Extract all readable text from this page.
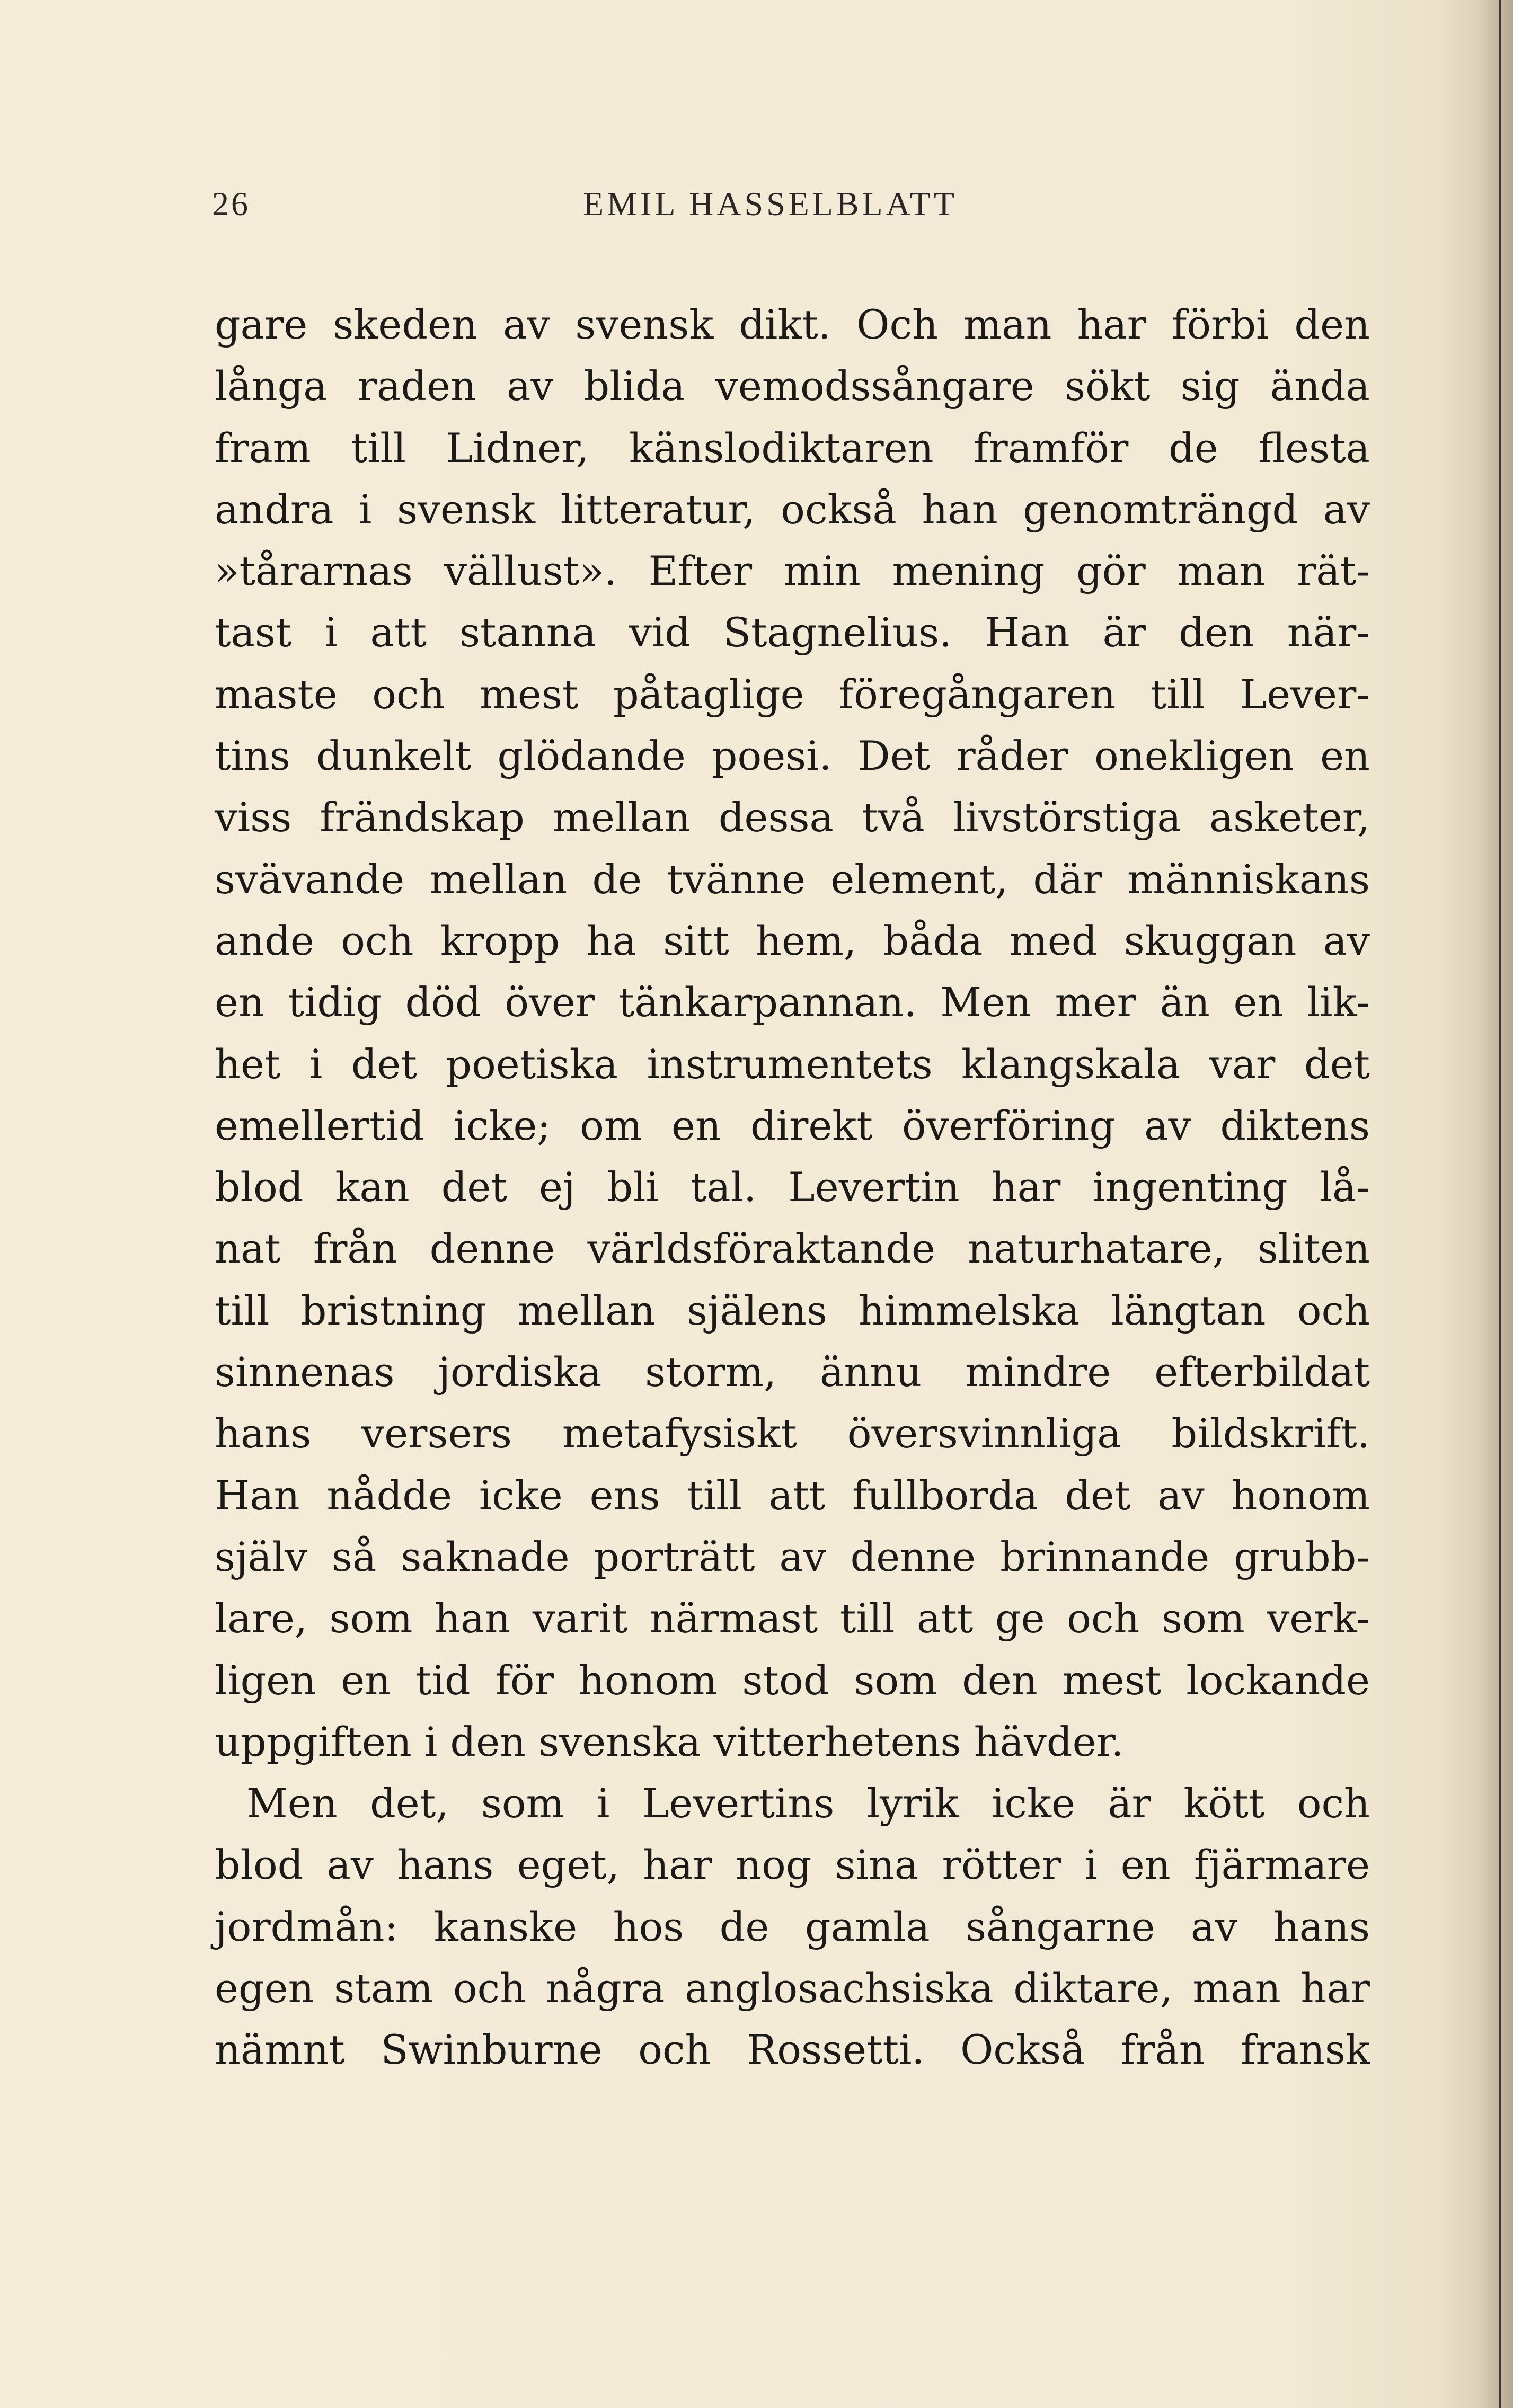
26	EMIL HASSELBLATT
gare skeden av svensk dikt. Och man har förbi den
långa raden av blida vemodssångare sökt sig ända
fram till Lidner, känslodiktaren framför de flesta
andra i svensk litteratur, också han genomträngd av
»tårarnas vällust». Efter min mening gör man rät-
tast i att stanna vid Stagnelius. Han är den när-
maste och mest påtaglige föregångaren till Lever-
tins dunkelt glödande poesi. Det råder onekligen en
viss frändskap mellan dessa två livstörstiga asketer,
svävande mellan de tvänne element, där människans
ande och kropp ha sitt hem, båda med skuggan av
en tidig död över tänkarpannan. Men mer än en lik-
het i det poetiska instrumentets klangskala var det
emellertid icke; om en direkt överföring av diktens
blod kan det ej bli tal. Levertin har ingenting lå-
nat från denne världsföraktande naturhatare, sliten
till bristning mellan själens himmelska längtan och
sinnenas jordiska storm, ännu mindre efterbildat
hans versers metafysiskt översvinnliga bildskrift.
Han nådde icke ens till att fullborda det av honom
själv så saknade porträtt av denne brinnande grubb-
lare, som han varit närmast till att ge och som verk-
ligen en tid för honom stod som den mest lockande
uppgiften i den svenska vitterhetens hävder.
Men det, som i Levertins lyrik icke är kött och
blod av hans eget, har nog sina rötter i en fjärmare
jordmån: kanske hos de gamla sångarne av hans
egen stam och några anglosachsiska diktare, man har
nämnt Swinburne och Rossetti. Också från fransk
